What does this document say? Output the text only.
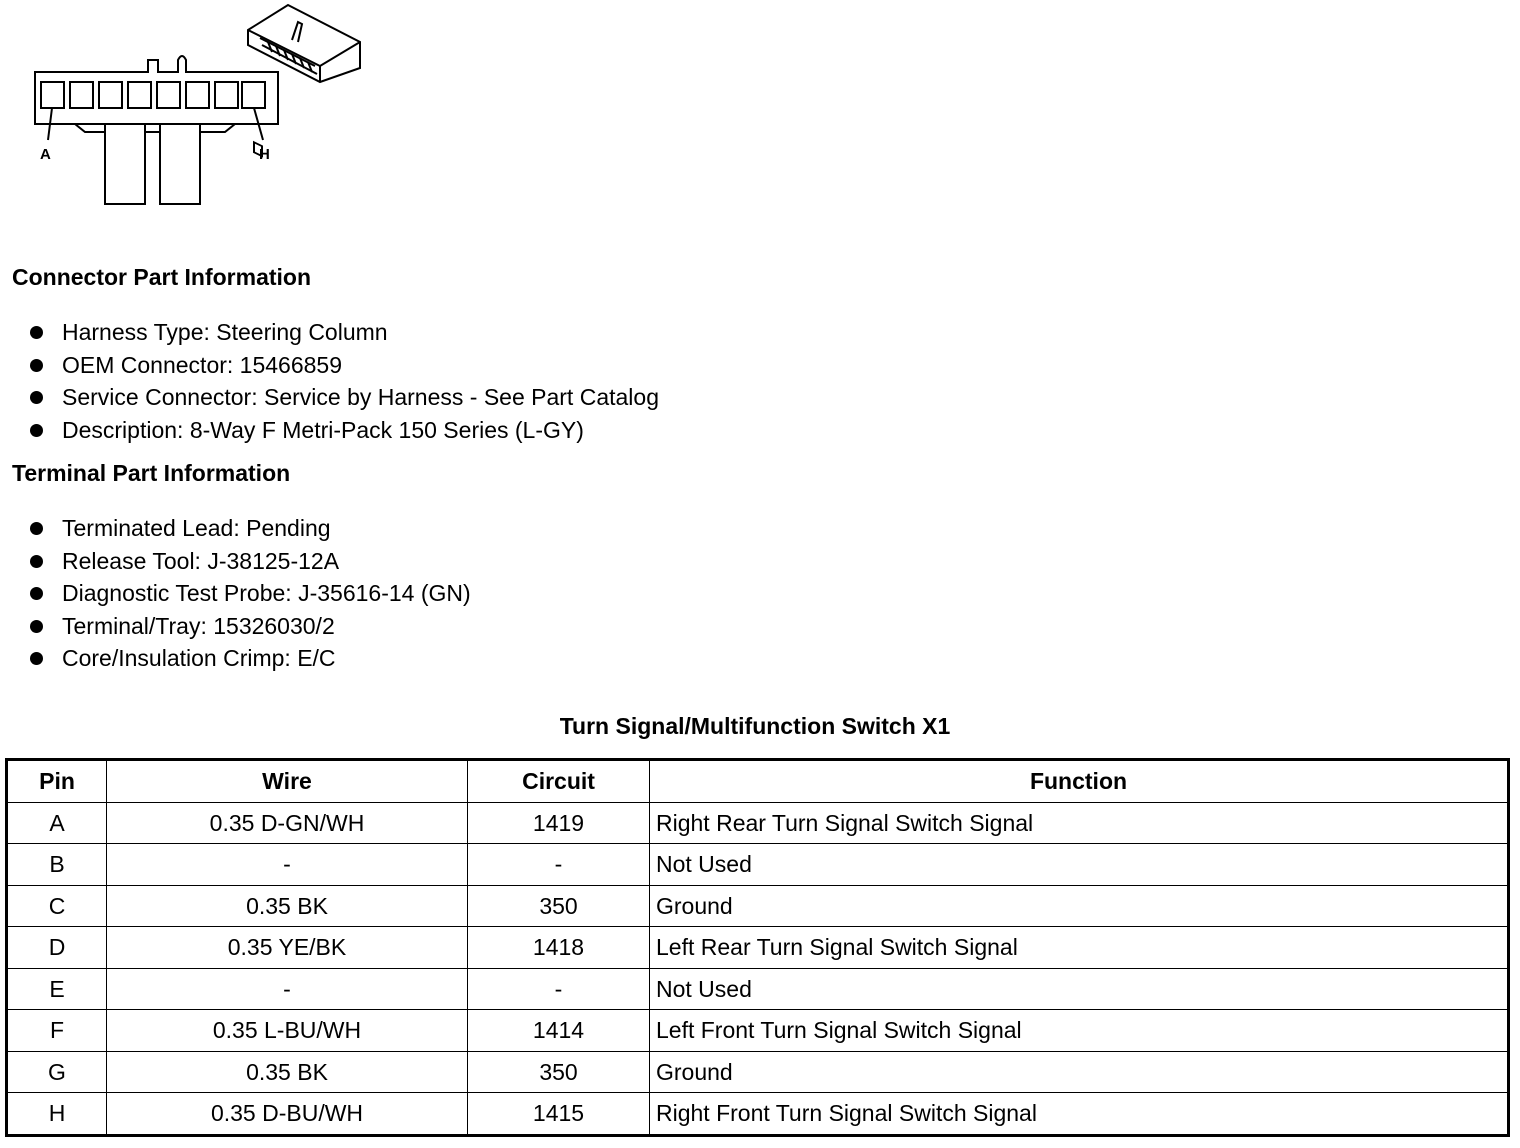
A	H
Connector Part Information
Harness Type: Steering Column
OEM Connector: 15466859
Service Connector: Service by Harness - See Part Catalog
Description: 8-Way F Metri-Pack 150 Series (L-GY)
Terminal Part Information
Terminated Lead: Pending
Release Tool: J-38125-12A
Diagnostic Test Probe: J-35616-14 (GN)
Terminal/Tray: 15326030/2
Core/Insulation Crimp: E/C
Turn Signal/Multifunction Switch X1
Pin	Wire	Circuit	Function
A	0.35 D-GN/WH	1419	Right Rear Turn Signal Switch Signal
B	-	-	Not Used
C	0.35 BK	350	Ground
D	0.35 YE/BK	1418	Left Rear Turn Signal Switch Signal
E	-	-	Not Used
F	0.35 L-BU/WH	1414	Left Front Turn Signal Switch Signal
G	0.35 BK	350	Ground
H	0.35 D-BU/WH	1415	Right Front Turn Signal Switch Signal
